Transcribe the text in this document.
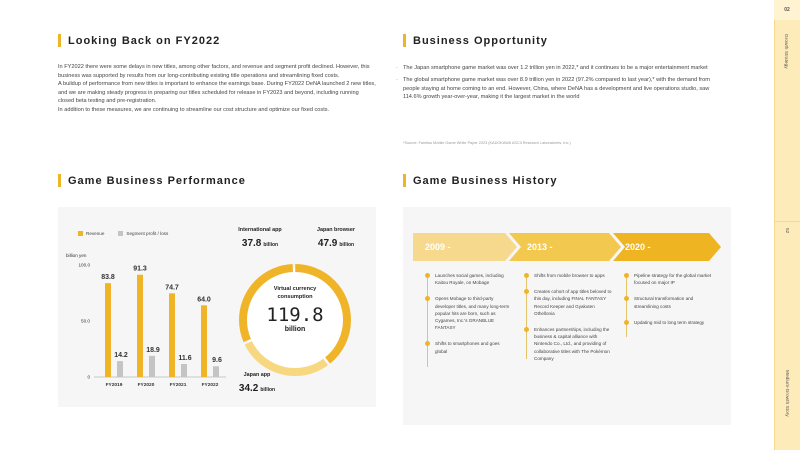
Looking Back on FY2022
In FY2022 there were some delays in new titles, among other factors, and revenue and segment profit declined. However, this business was supported by results from our long-contributing existing title operations and streamlining fixed costs.
A buildup of performance from new titles is important to enhance the earnings base. During FY2022 DeNA launched 2 new titles, and we are making steady progress in preparing our titles scheduled for release in FY2023 and beyond, including running closed beta testing and pre-registration.
In addition to these measures, we are continuing to streamline our cost structure and optimize our fixed costs.
Business Opportunity
· The Japan smartphone game market was over 1.2 trillion yen in 2022,* and it continues to be a major entertainment market
· The global smartphone game market was over 8.9 trillion yen in 2022 (97.2% compared to last year),* with the demand from people staying at home coming to an end. However, China, where DeNA has a development and live operations studio, saw 114.6% growth year-over-year, making it the largest market in the world
*Source: Famitsu Mobile Game White Paper 2023 (KADOKAWA ASCII Research Laboratories, Inc.)
Game Business Performance
Revenue	Segment profit / loss
billion yen
0
50.0
100.0
83.8
14.2
FY2019
91.3
18.9
FY2020
74.7
11.6
FY2021
64.0
9.6
FY2022
International app
37.8 billion
Japan browser
47.9 billion
Japan app
34.2 billion
Virtual currency consumption
119.8
billion
Game Business History
2009 -	2013 -	2020 -
Launches social games, including Kaitou Royale, on Mobage
Opens Mobage to third-party developer titles, and many long-term popular hits are born, such as Cygames, Inc.'s GRANBLUE FANTASY
Shifts to smartphones and goes global
Shifts from mobile browser to apps
Creates cohort of app titles beloved to this day, including FINAL FANTASY Record Keeper and Gyakuten Othellonia
Enhances partnerships, including the business & capital alliance with Nintendo Co., Ltd., and providing of collaborative titles with The Pokémon Company
Pipeline strategy for the global market focused on major IP
Structural transformation and streamlining costs
Updating mid to long term strategy
02
Growth Strategy
52
Medium-Growth Story
